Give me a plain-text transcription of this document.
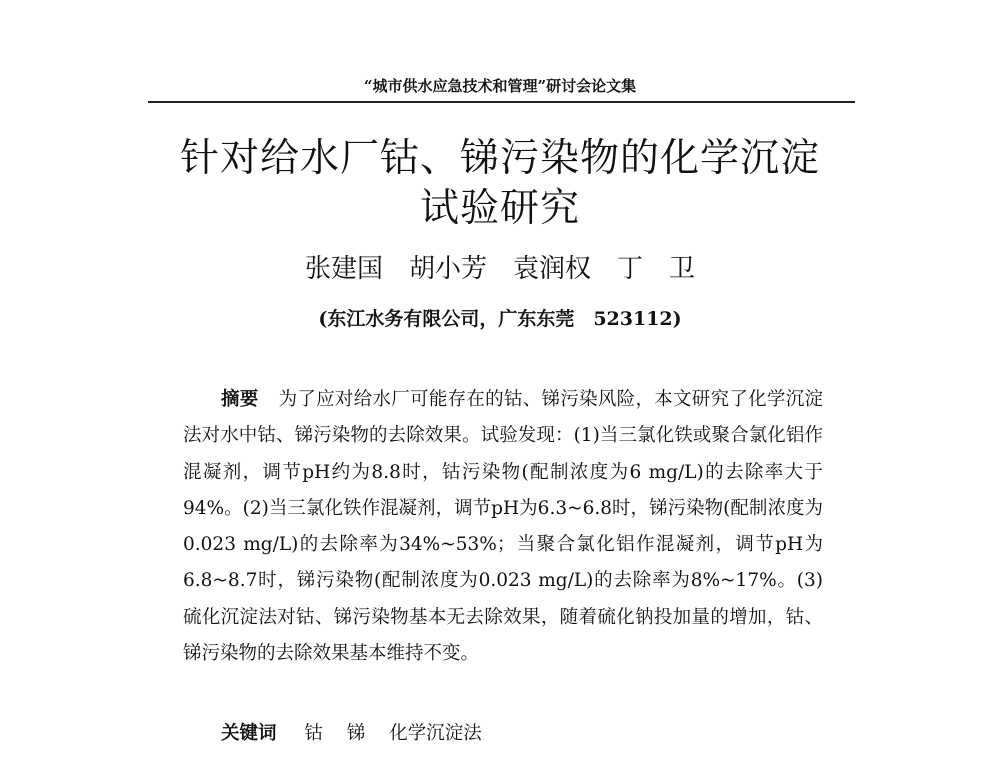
“城市供水应急技术和管理”研讨会论文集
针对给水厂钴、锑污染物的化学沉淀
试验研究
张建国　胡小芳　袁润权　丁　卫
(东江水务有限公司，广东东莞　523112)

摘要 为了应对给水厂可能存在的钴、锑污染风险，本文研究了化学沉淀法对水中钴、锑污染物的去除效果。试验发现：(1)当三氯化铁或聚合氯化铝作混凝剂，调节pH约为8.8时，钴污染物(配制浓度为6 mg/L)的去除率大于94%。(2)当三氯化铁作混凝剂，调节pH为6.3~6.8时，锑污染物(配制浓度为0.023 mg/L)的去除率为34%~53%；当聚合氯化铝作混凝剂，调节pH为6.8~8.7时，锑污染物(配制浓度为0.023 mg/L)的去除率为8%~17%。(3)硫化沉淀法对钴、锑污染物基本无去除效果，随着硫化钠投加量的增加，钴、锑污染物的去除效果基本维持不变。

关键词 钴 锑 化学沉淀法
